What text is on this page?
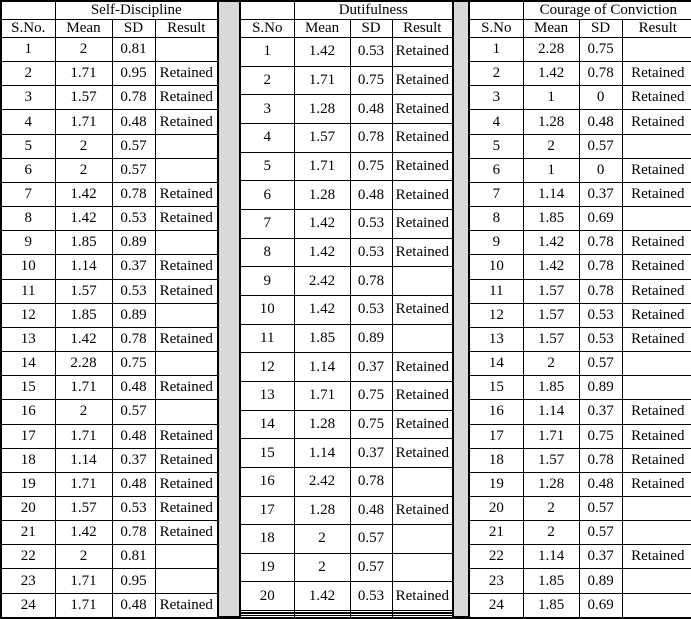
	Self-Discipline		
S.No.	Mean	SD	Result
1	2	0.81	
2	1.71	0.95	Retained
3	1.57	0.78	Retained
4	1.71	0.48	Retained
5	2	0.57	
6	2	0.57	
7	1.42	0.78	Retained
8	1.42	0.53	Retained
9	1.85	0.89	
10	1.14	0.37	Retained
11	1.57	0.53	Retained
12	1.85	0.89	
13	1.42	0.78	Retained
14	2.28	0.75	
15	1.71	0.48	Retained
16	2	0.57	
17	1.71	0.48	Retained
18	1.14	0.37	Retained
19	1.71	0.48	Retained
20	1.57	0.53	Retained
21	1.42	0.78	Retained
22	2	0.81	
23	1.71	0.95	
24	1.71	0.48	Retained
	Dutifulness		
S.No	Mean	SD	Result
1	1.42	0.53	Retained
2	1.71	0.75	Retained
3	1.28	0.48	Retained
4	1.57	0.78	Retained
5	1.71	0.75	Retained
6	1.28	0.48	Retained
7	1.42	0.53	Retained
8	1.42	0.53	Retained
9	2.42	0.78	
10	1.42	0.53	Retained
11	1.85	0.89	
12	1.14	0.37	Retained
13	1.71	0.75	Retained
14	1.28	0.75	Retained
15	1.14	0.37	Retained
16	2.42	0.78	
17	1.28	0.48	Retained
18	2	0.57	
19	2	0.57	
20	1.42	0.53	Retained

	Courage of Conviction		
S.No	Mean	SD	Result
1	2.28	0.75	
2	1.42	0.78	Retained
3	1	0	Retained
4	1.28	0.48	Retained
5	2	0.57	
6	1	0	Retained
7	1.14	0.37	Retained
8	1.85	0.69	
9	1.42	0.78	Retained
10	1.42	0.78	Retained
11	1.57	0.78	Retained
12	1.57	0.53	Retained
13	1.57	0.53	Retained
14	2	0.57	
15	1.85	0.89	
16	1.14	0.37	Retained
17	1.71	0.75	Retained
18	1.57	0.78	Retained
19	1.28	0.48	Retained
20	2	0.57	
21	2	0.57	
22	1.14	0.37	Retained
23	1.85	0.89	
24	1.85	0.69	
